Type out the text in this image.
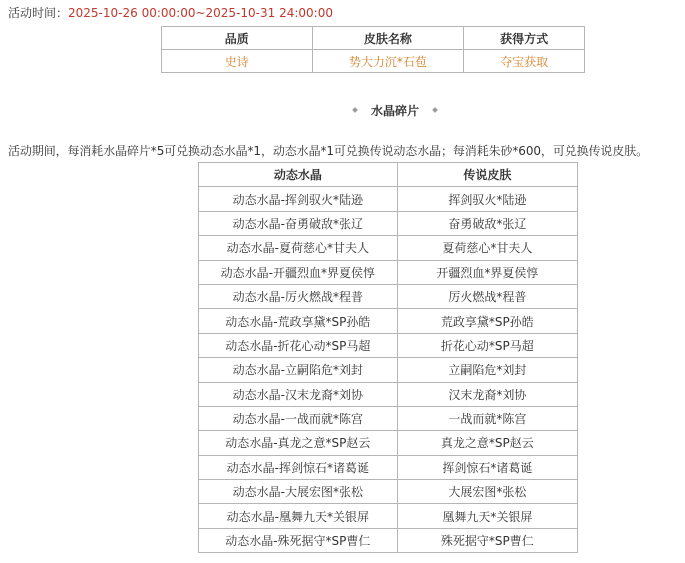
活动时间：2025-10-26 00:00:00~2025-10-31 24:00:00
品质	皮肤名称	获得方式
史诗	势大力沉*石苞	夺宝获取
水晶碎片
活动期间，每消耗水晶碎片*5可兑换动态水晶*1，动态水晶*1可兑换传说动态水晶；每消耗朱砂*600，可兑换传说皮肤。
动态水晶	传说皮肤
动态水晶-挥剑驭火*陆逊	挥剑驭火*陆逊
动态水晶-奋勇破敌*张辽	奋勇破敌*张辽
动态水晶-夏荷慈心*甘夫人	夏荷慈心*甘夫人
动态水晶-开疆烈血*界夏侯惇	开疆烈血*界夏侯惇
动态水晶-厉火燃战*程普	厉火燃战*程普
动态水晶-荒政享黛*SP孙皓	荒政享黛*SP孙皓
动态水晶-折花心动*SP马超	折花心动*SP马超
动态水晶-立嗣陷危*刘封	立嗣陷危*刘封
动态水晶-汉末龙裔*刘协	汉末龙裔*刘协
动态水晶-一战而就*陈宫	一战而就*陈宫
动态水晶-真龙之意*SP赵云	真龙之意*SP赵云
动态水晶-挥剑惊石*诸葛诞	挥剑惊石*诸葛诞
动态水晶-大展宏图*张松	大展宏图*张松
动态水晶-凰舞九天*关银屏	凰舞九天*关银屏
动态水晶-殊死据守*SP曹仁	殊死据守*SP曹仁
